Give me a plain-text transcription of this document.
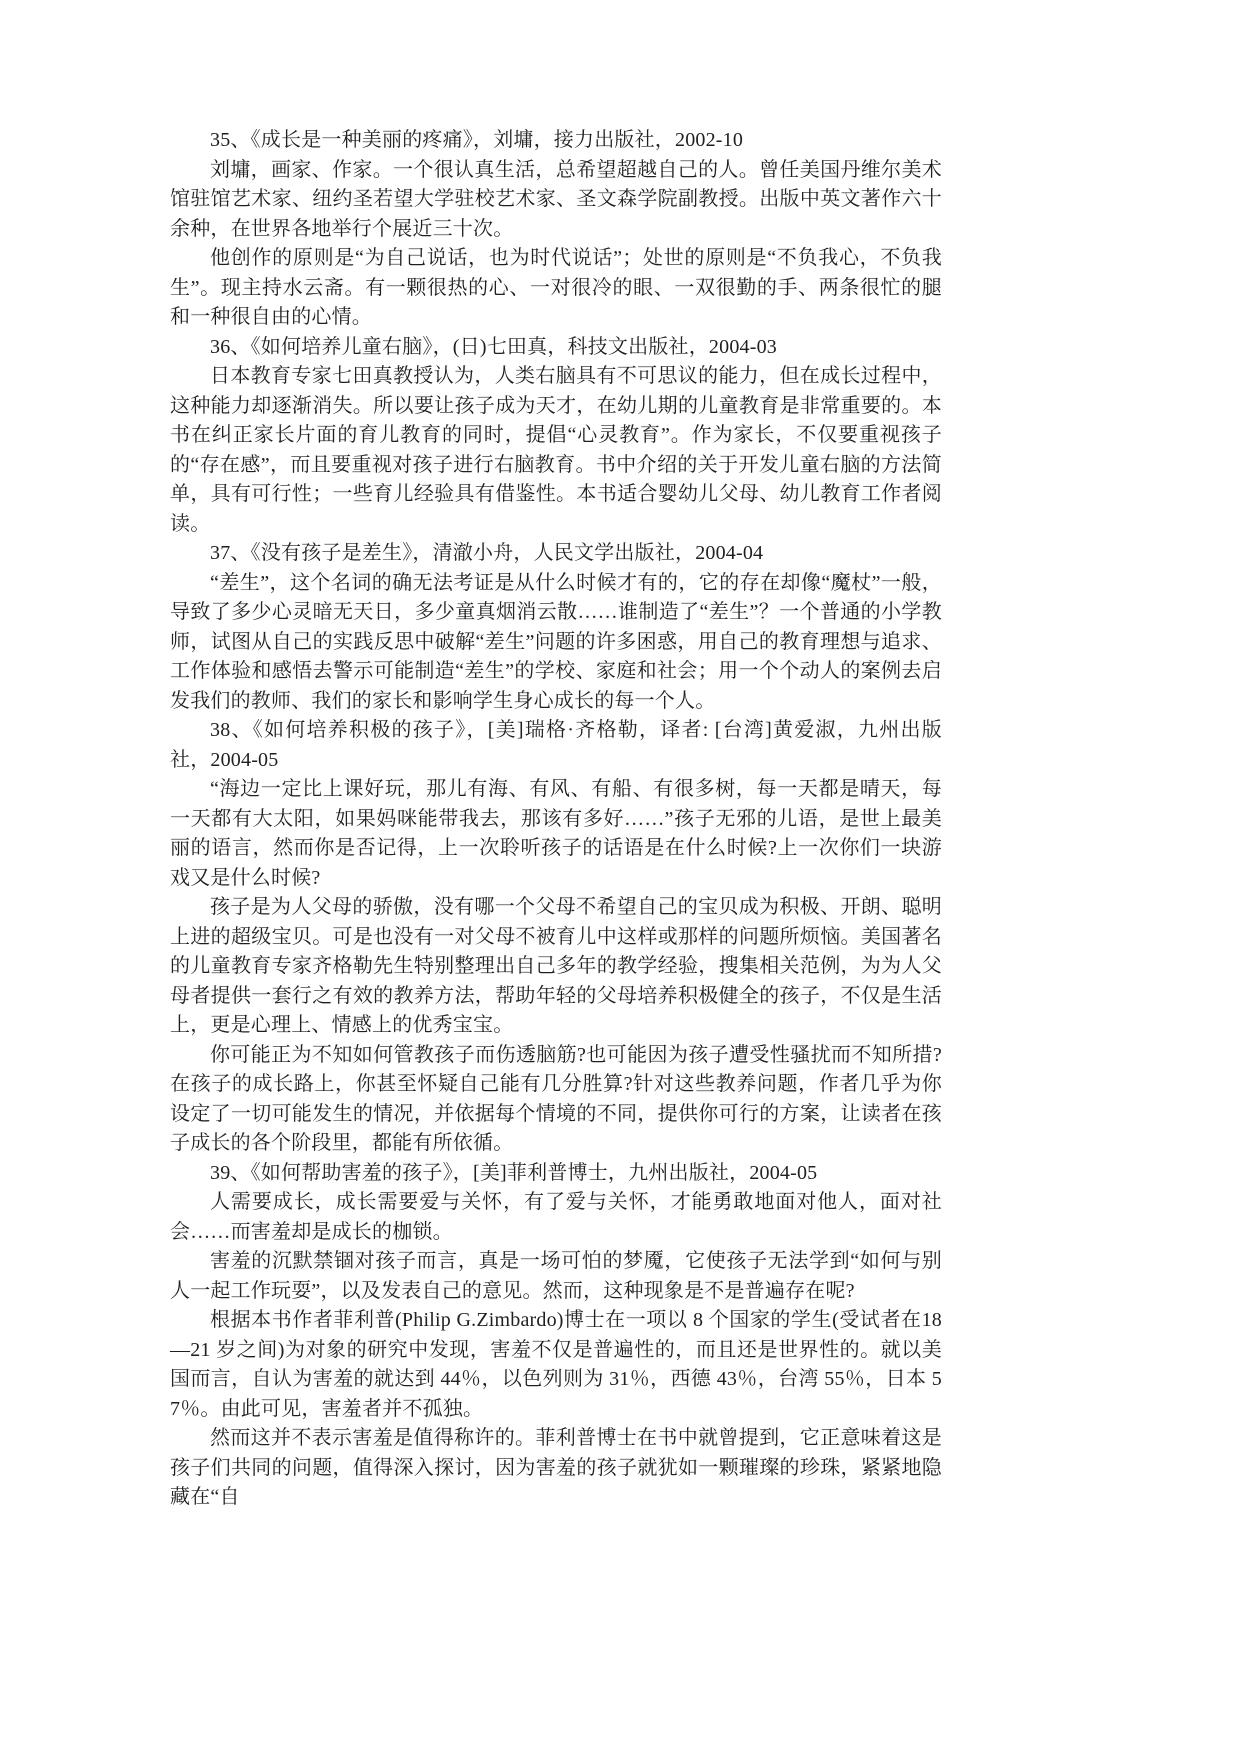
35、《成长是一种美丽的疼痛》，刘墉，接力出版社，2002-10

刘墉，画家、作家。一个很认真生活，总希望超越自己的人。曾任美国丹维尔美术馆驻馆艺术家、纽约圣若望大学驻校艺术家、圣文森学院副教授。出版中英文著作六十余种，在世界各地举行个展近三十次。

他创作的原则是“为自己说话，也为时代说话”；处世的原则是“不负我心，不负我生”。现主持水云斋。有一颗很热的心、一对很冷的眼、一双很勤的手、两条很忙的腿和一种很自由的心情。

36、《如何培养儿童右脑》，(日)七田真，科技文出版社，2004-03

日本教育专家七田真教授认为，人类右脑具有不可思议的能力，但在成长过程中，这种能力却逐渐消失。所以要让孩子成为天才，在幼儿期的儿童教育是非常重要的。本书在纠正家长片面的育儿教育的同时，提倡“心灵教育”。作为家长，不仅要重视孩子的“存在感”，而且要重视对孩子进行右脑教育。书中介绍的关于开发儿童右脑的方法简单，具有可行性；一些育儿经验具有借鉴性。本书适合婴幼儿父母、幼儿教育工作者阅读。

37、《没有孩子是差生》，清澈小舟，人民文学出版社，2004-04

“差生”，这个名词的确无法考证是从什么时候才有的，它的存在却像“魔杖”一般，导致了多少心灵暗无天日，多少童真烟消云散……谁制造了“差生”？一个普通的小学教师，试图从自己的实践反思中破解“差生”问题的许多困惑，用自己的教育理想与追求、工作体验和感悟去警示可能制造“差生”的学校、家庭和社会；用一个个动人的案例去启发我们的教师、我们的家长和影响学生身心成长的每一个人。

38、《如何培养积极的孩子》，[美]瑞格·齐格勒，译者: [台湾]黄爱淑，九州出版社，2004-05

“海边一定比上课好玩，那儿有海、有风、有船、有很多树，每一天都是晴天，每一天都有大太阳，如果妈咪能带我去，那该有多好……”孩子无邪的儿语，是世上最美丽的语言，然而你是否记得，上一次聆听孩子的话语是在什么时候?上一次你们一块游戏又是什么时候?

孩子是为人父母的骄傲，没有哪一个父母不希望自己的宝贝成为积极、开朗、聪明上进的超级宝贝。可是也没有一对父母不被育儿中这样或那样的问题所烦恼。美国著名的儿童教育专家齐格勒先生特别整理出自己多年的教学经验，搜集相关范例，为为人父母者提供一套行之有效的教养方法，帮助年轻的父母培养积极健全的孩子，不仅是生活上，更是心理上、情感上的优秀宝宝。

你可能正为不知如何管教孩子而伤透脑筋?也可能因为孩子遭受性骚扰而不知所措?在孩子的成长路上，你甚至怀疑自己能有几分胜算?针对这些教养问题，作者几乎为你设定了一切可能发生的情况，并依据每个情境的不同，提供你可行的方案，让读者在孩子成长的各个阶段里，都能有所依循。

39、《如何帮助害羞的孩子》，[美]菲利普博士，九州出版社，2004-05

人需要成长，成长需要爱与关怀，有了爱与关怀，才能勇敢地面对他人，面对社会……而害羞却是成长的枷锁。

害羞的沉默禁锢对孩子而言，真是一场可怕的梦魇，它使孩子无法学到“如何与别人一起工作玩耍”，以及发表自己的意见。然而，这种现象是不是普遍存在呢?

根据本书作者菲利普(Philip G.Zimbardo)博士在一项以 8 个国家的学生(受试者在18—21 岁之间)为对象的研究中发现，害羞不仅是普遍性的，而且还是世界性的。就以美国而言，自认为害羞的就达到 44％，以色列则为 31％，西德 43％，台湾 55％，日本 57％。由此可见，害羞者并不孤独。

然而这并不表示害羞是值得称许的。菲利普博士在书中就曾提到，它正意味着这是孩子们共同的问题，值得深入探讨，因为害羞的孩子就犹如一颗璀璨的珍珠，紧紧地隐藏在“自
